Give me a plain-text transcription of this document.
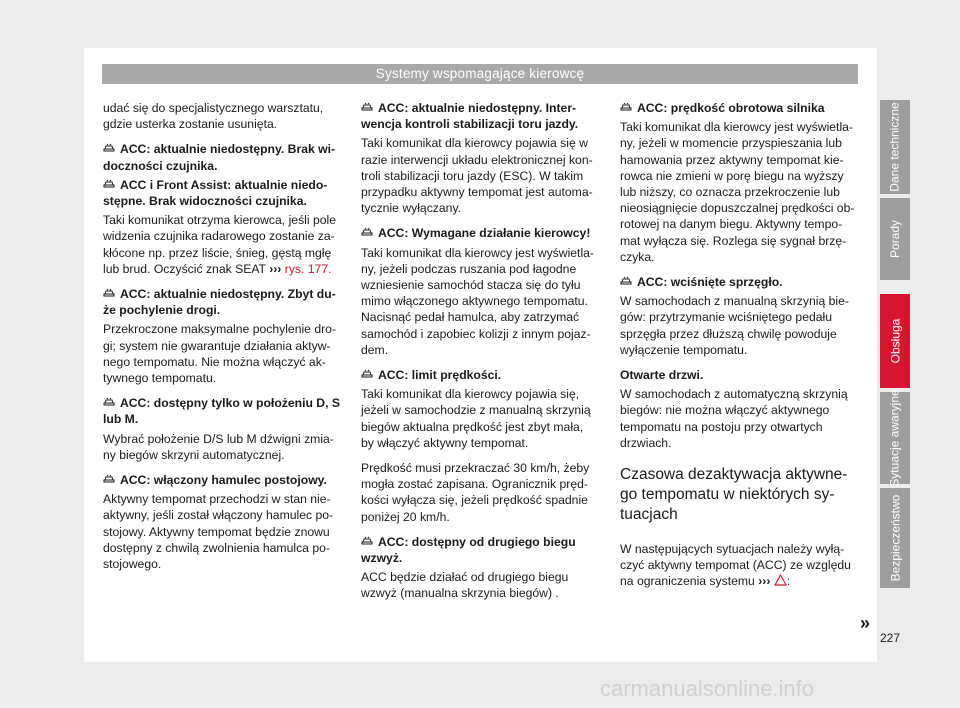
Systemy wspomagające kierowcę

udać się do specjalistycznego warsztatu, gdzie usterka zostanie usunięta.

ACC: aktualnie niedostępny. Brak wi-doczności czujnika.

ACC i Front Assist: aktualnie niedo-stępne. Brak widoczności czujnika.

Taki komunikat otrzyma kierowca, jeśli pole widzenia czujnika radarowego zostanie za-kłócone np. przez liście, śnieg, gęstą mgłę lub brud. Oczyścić znak SEAT ››› rys. 177.

ACC: aktualnie niedostępny. Zbyt du-że pochylenie drogi.

Przekroczone maksymalne pochylenie dro-gi; system nie gwarantuje działania aktyw-nego tempomatu. Nie można włączyć ak-tywnego tempomatu.

ACC: dostępny tylko w położeniu D, S lub M.

Wybrać położenie D/S lub M dźwigni zmia-ny biegów skrzyni automatycznej.

ACC: włączony hamulec postojowy.

Aktywny tempomat przechodzi w stan nie-aktywny, jeśli został włączony hamulec po-stojowy. Aktywny tempomat będzie znowu dostępny z chwilą zwolnienia hamulca po-stojowego.

ACC: aktualnie niedostępny. Inter-wencja kontroli stabilizacji toru jazdy.

Taki komunikat dla kierowcy pojawia się w razie interwencji układu elektronicznej kon-troli stabilizacji toru jazdy (ESC). W takim przypadku aktywny tempomat jest automa-tycznie wyłączany.

ACC: Wymagane działanie kierowcy!

Taki komunikat dla kierowcy jest wyświetla-ny, jeżeli podczas ruszania pod łagodne wzniesienie samochód stacza się do tyłu mimo włączonego aktywnego tempomatu. Nacisnąć pedał hamulca, aby zatrzymać samochód i zapobiec kolizji z innym pojaz-dem.

ACC: limit prędkości.

Taki komunikat dla kierowcy pojawia się, jeżeli w samochodzie z manualną skrzynią biegów aktualna prędkość jest zbyt mała, by włączyć aktywny tempomat.

Prędkość musi przekraczać 30 km/h, żeby mogła zostać zapisana. Ogranicznik pręd-kości wyłącza się, jeżeli prędkość spadnie poniżej 20 km/h.

ACC: dostępny od drugiego biegu wzwyż.

ACC będzie działać od drugiego biegu wzwyż (manualna skrzynia biegów) .

ACC: prędkość obrotowa silnika

Taki komunikat dla kierowcy jest wyświetla-ny, jeżeli w momencie przyspieszania lub hamowania przez aktywny tempomat kie-rowca nie zmieni w porę biegu na wyższy lub niższy, co oznacza przekroczenie lub nieosiągnięcie dopuszczalnej prędkości ob-rotowej na danym biegu. Aktywny tempo-mat wyłącza się. Rozlega się sygnał brzę-czyka.

ACC: wciśnięte sprzęgło.

W samochodach z manualną skrzynią bie-gów: przytrzymanie wciśniętego pedału sprzęgła przez dłuższą chwilę powoduje wyłączenie tempomatu.

Otwarte drzwi.

W samochodach z automatyczną skrzynią biegów: nie można włączyć aktywnego tempomatu na postoju przy otwartych drzwiach.

Czasowa dezaktywacja aktywne-go tempomatu w niektórych sy-tuacjach

W następujących sytuacjach należy wyłą-czyć aktywny tempomat (ACC) ze względu na ograniczenia systemu ››› :

Dane techniczne
Porady
Obsługa
Sytuacje awaryjne
Bezpieczeństwo
»
227
carmanualsonline.info
